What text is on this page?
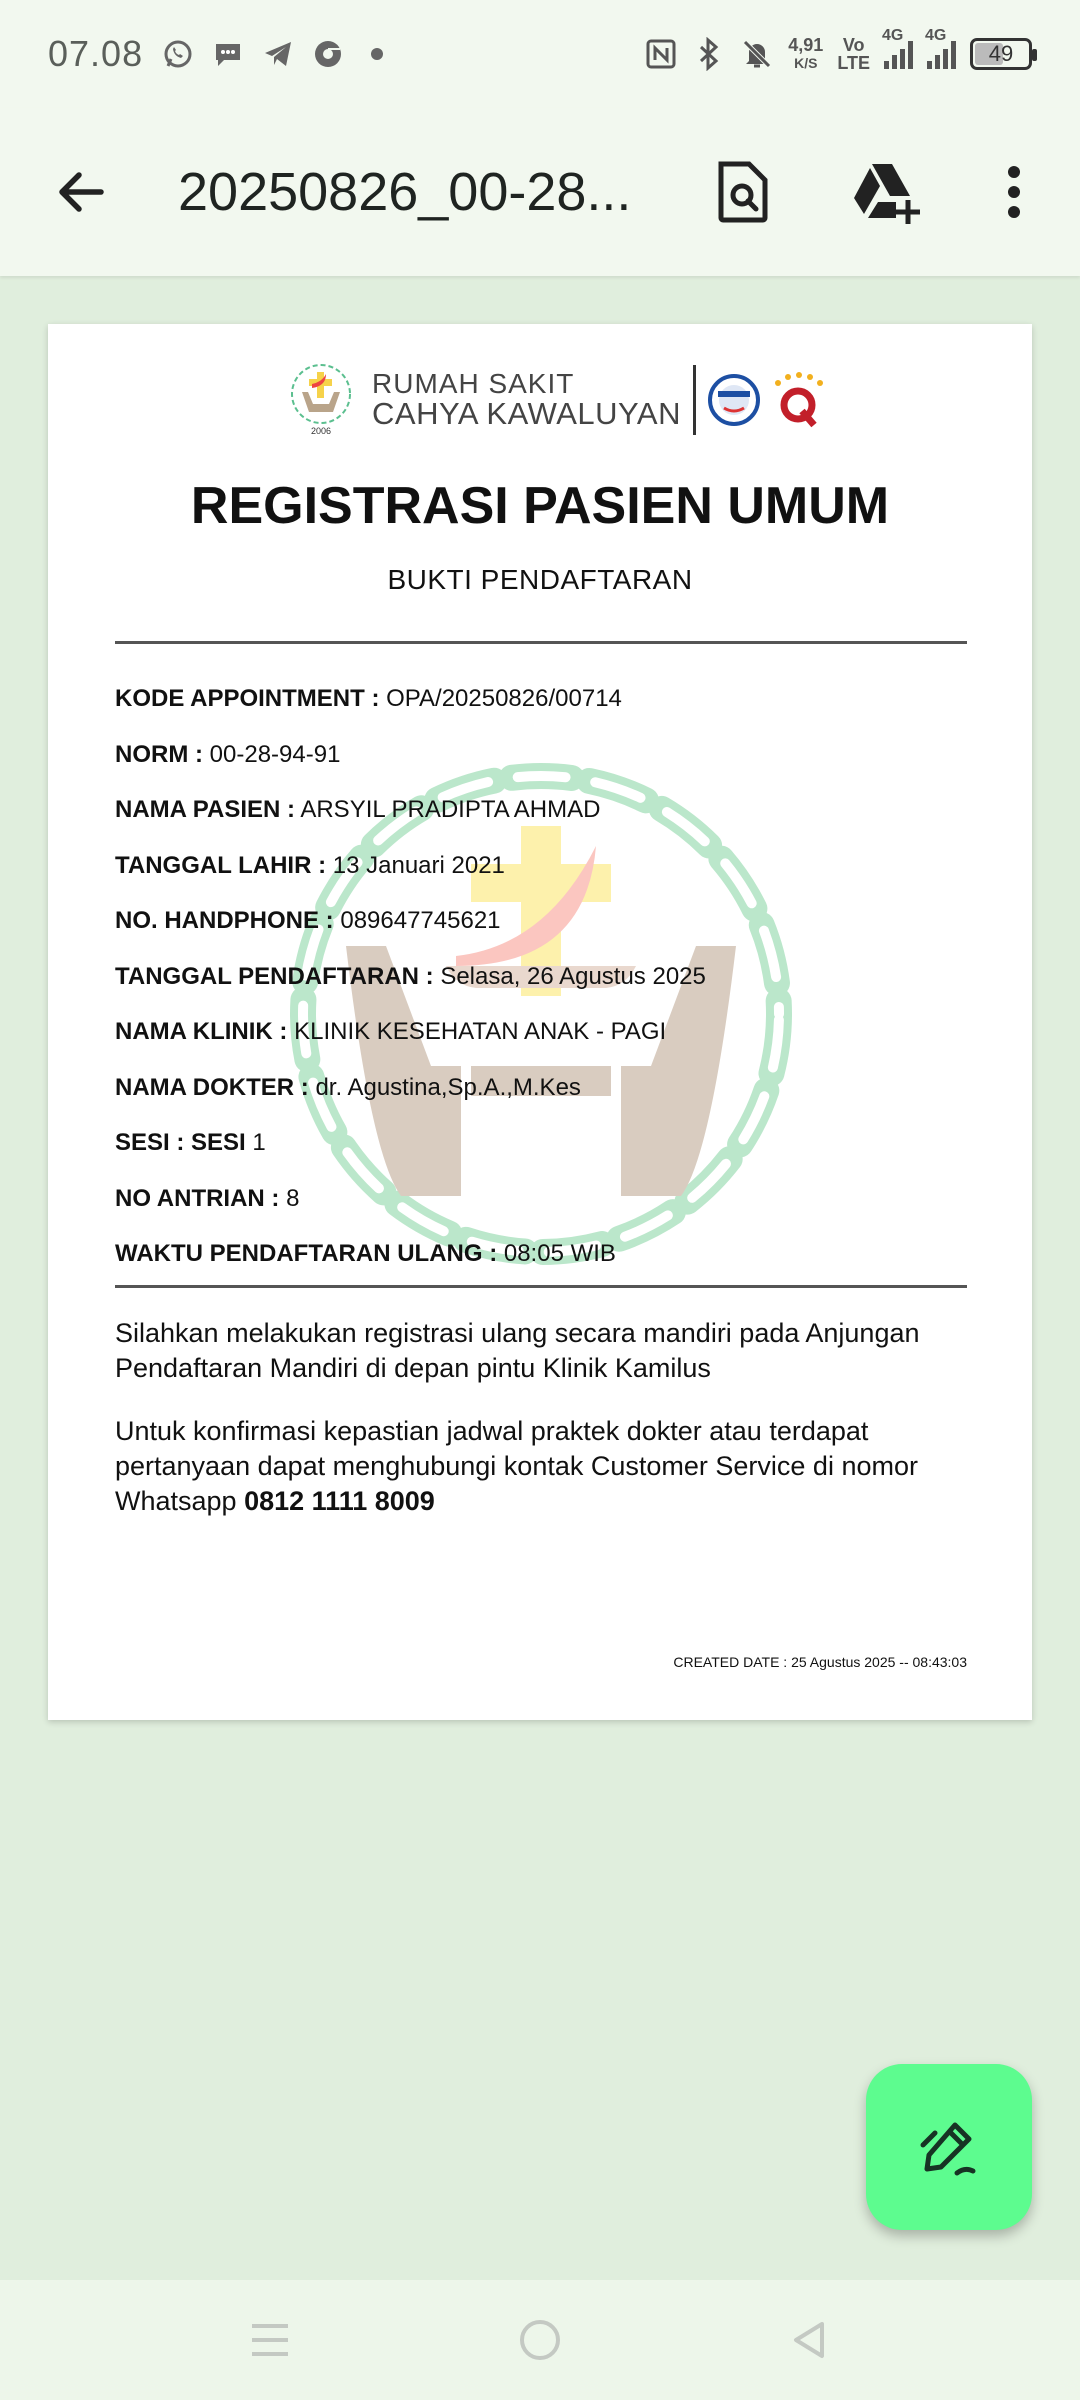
07.08	4,91
K/S
Vo
LTE
4G 4G
49
20250826_00-28...
2006
RUMAH SAKIT
CAHYA KAWALUYAN
REGISTRASI PASIEN UMUM
BUKTI PENDAFTARAN
KODE APPOINTMENT : OPA/20250826/00714
NORM : 00-28-94-91
NAMA PASIEN : ARSYIL PRADIPTA AHMAD
TANGGAL LAHIR : 13 Januari 2021
NO. HANDPHONE : 089647745621
TANGGAL PENDAFTARAN : Selasa, 26 Agustus 2025
NAMA KLINIK : KLINIK KESEHATAN ANAK - PAGI
NAMA DOKTER : dr. Agustina,Sp.A.,M.Kes
SESI : SESI 1
NO ANTRIAN : 8
WAKTU PENDAFTARAN ULANG : 08:05 WIB

Silahkan melakukan registrasi ulang secara mandiri pada Anjungan Pendaftaran Mandiri di depan pintu Klinik Kamilus

Untuk konfirmasi kepastian jadwal praktek dokter atau terdapat pertanyaan dapat menghubungi kontak Customer Service di nomor Whatsapp 0812 1111 8009

CREATED DATE : 25 Agustus 2025 -- 08:43:03
